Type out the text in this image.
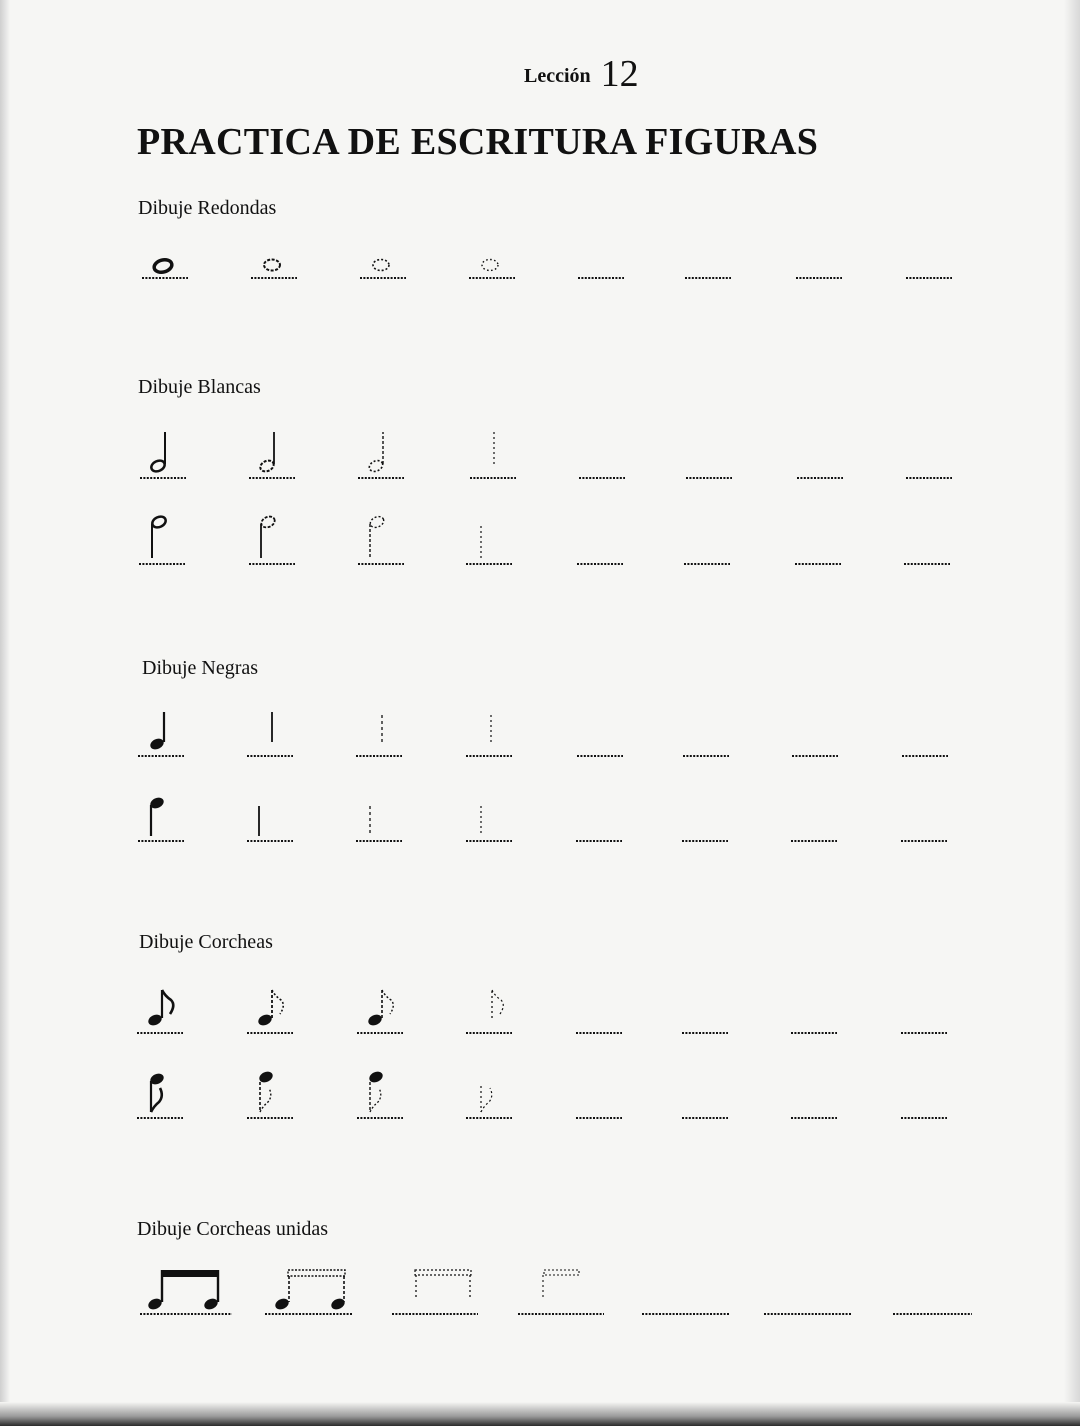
Lección 12
PRACTICA DE ESCRITURA FIGURAS
Dibuje Redondas
Dibuje Blancas
Dibuje Negras
Dibuje Corcheas
Dibuje Corcheas unidas
